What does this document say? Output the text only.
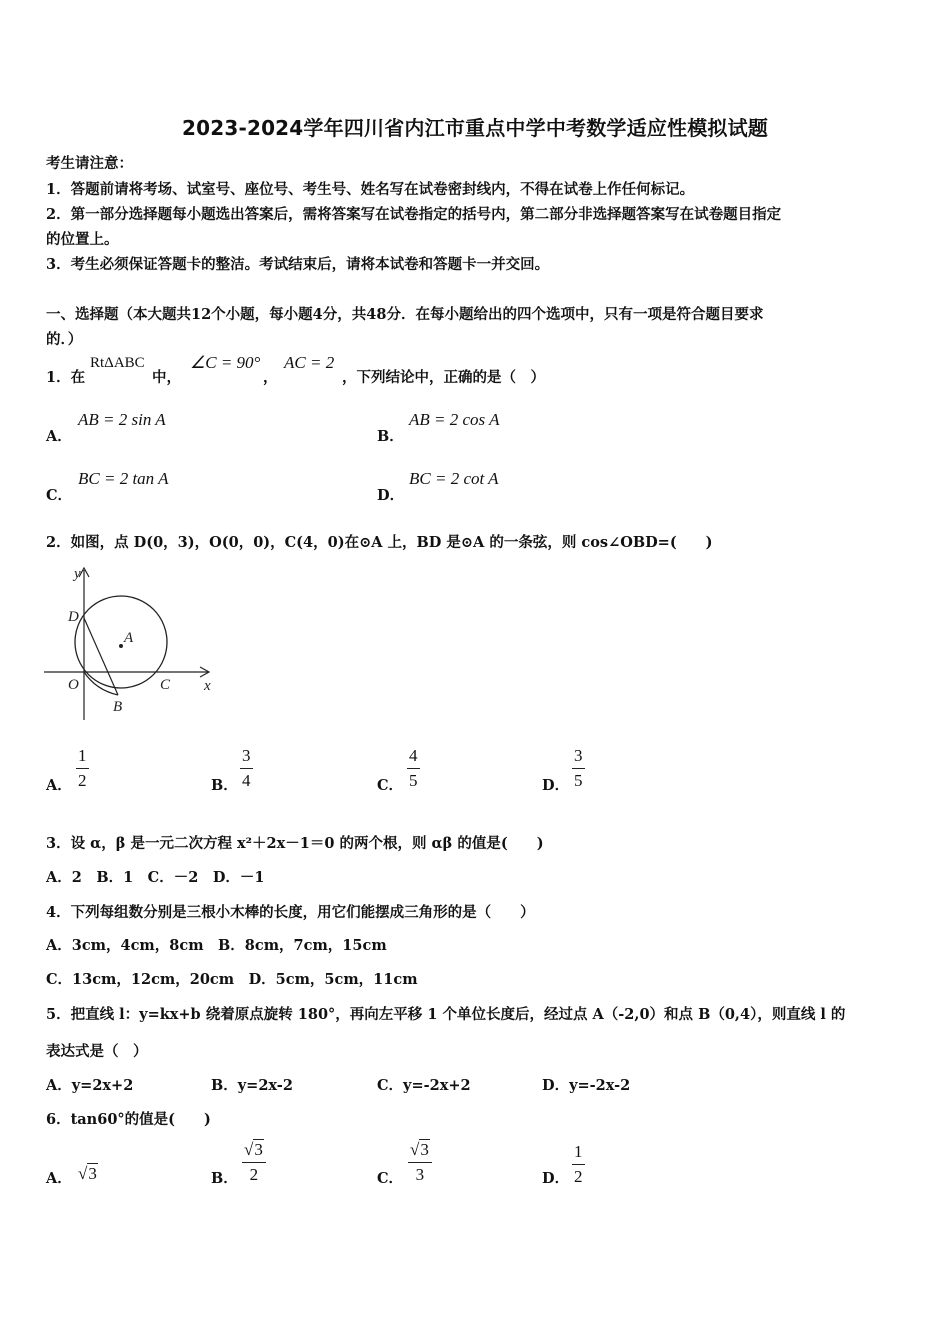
2023-2024学年四川省内江市重点中学中考数学适应性模拟试题
考生请注意：
1．答题前请将考场、试室号、座位号、考生号、姓名写在试卷密封线内，不得在试卷上作任何标记。
2．第一部分选择题每小题选出答案后，需将答案写在试卷指定的括号内，第二部分非选择题答案写在试卷题目指定
的位置上。
3．考生必须保证答题卡的整洁。考试结束后，请将本试卷和答题卡一并交回。
一、选择题（本大题共12个小题，每小题4分，共48分．在每小题给出的四个选项中，只有一项是符合题目要求
的．）
1．在
RtΔABC
中，
∠C = 90°
，
AC = 2
，下列结论中，正确的是（　）
A．
AB = 2 sin A
B．
AB = 2 cos A
C．
BC = 2 tan A
D．
BC = 2 cot A
2．如图，点 D(0，3)，O(0，0)，C(4，0)在⊙A 上，BD 是⊙A 的一条弦，则 cos∠OBD=(　　)
y
x
D
A
O	C
B
A．
1
2	B．
3
4	C．
4
5	D．
3
5
3．设 α，β 是一元二次方程 x²＋2x－1＝0 的两个根，则 αβ 的值是(　　)
A．2　B．1　C．－2　D．－1
4．下列每组数分别是三根小木棒的长度，用它们能摆成三角形的是（　　）
A．3cm，4cm，8cm　B．8cm，7cm，15cm
C．13cm，12cm，20cm　D．5cm，5cm，11cm
5．把直线 l：y=kx+b 绕着原点旋转 180°，再向左平移 1 个单位长度后，经过点 A（-2,0）和点 B（0,4），则直线 l 的
表达式是（　）
A．y=2x+2	B．y=2x-2	C．y=-2x+2	D．y=-2x-2
6．tan60°的值是(　　)
A． √3	B．
√3
2	C．
√3
3	D．
1
2
